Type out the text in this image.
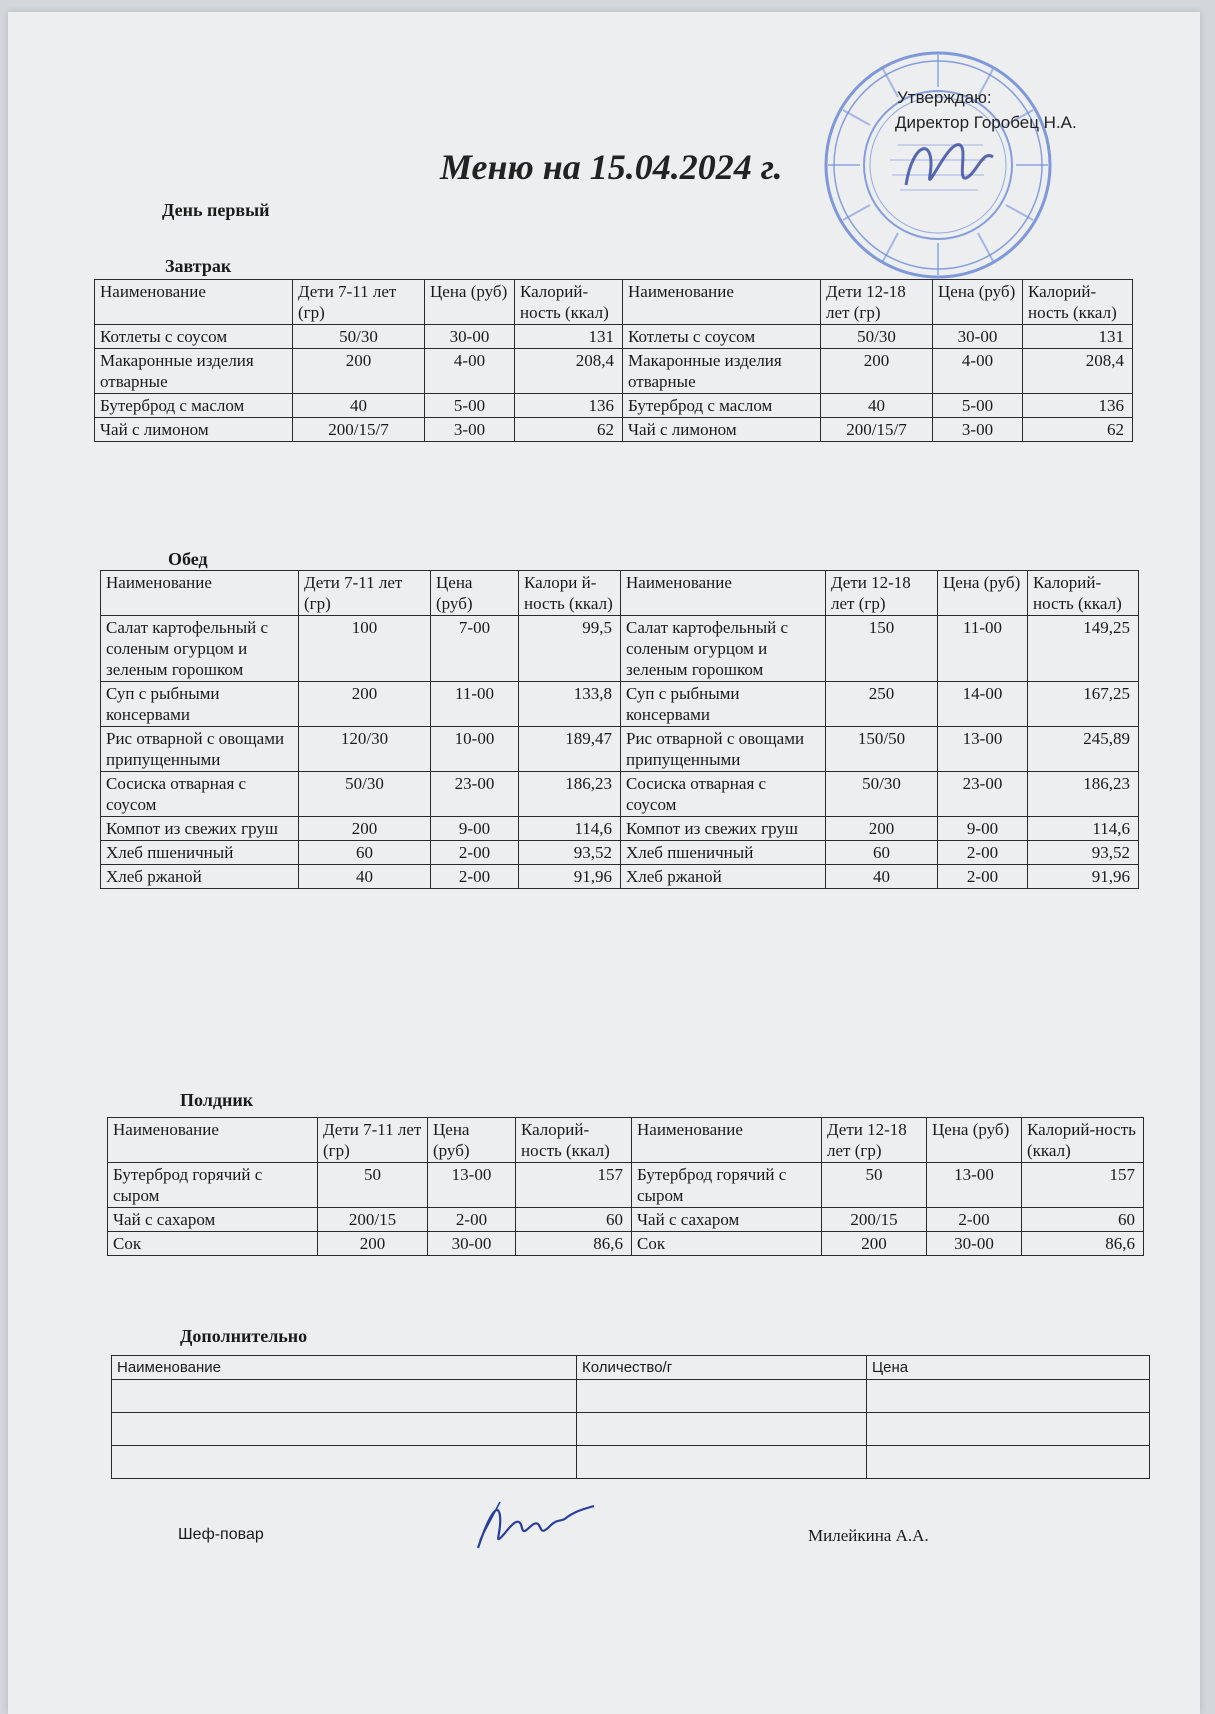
Утверждаю:
Директор Горобец Н.А.
Меню на 15.04.2024 г.
День первый
Завтрак
Наименование	Дети 7-11 лет (гр)	Цена (руб)	Калорий-ность (ккал)	Наименование	Дети 12-18 лет (гр)	Цена (руб)	Калорий-ность (ккал)
Котлеты с соусом	50/30	30-00	131	Котлеты с соусом	50/30	30-00	131
Макаронные изделия отварные	200	4-00	208,4	Макаронные изделия отварные	200	4-00	208,4
Бутерброд с маслом	40	5-00	136	Бутерброд с маслом	40	5-00	136
Чай с лимоном	200/15/7	3-00	62	Чай с лимоном	200/15/7	3-00	62
Обед
Наименование	Дети 7-11 лет (гр)	Цена (руб)	Калори й-ность (ккал)	Наименование	Дети 12-18 лет (гр)	Цена (руб)	Калорий-ность (ккал)
Салат картофельный с соленым огурцом и зеленым горошком	100	7-00	99,5	Салат картофельный с соленым огурцом и зеленым горошком	150	11-00	149,25
Суп с рыбными консервами	200	11-00	133,8	Суп с рыбными консервами	250	14-00	167,25
Рис отварной с овощами припущенными	120/30	10-00	189,47	Рис отварной с овощами припущенными	150/50	13-00	245,89
Сосиска отварная с соусом	50/30	23-00	186,23	Сосиска отварная с соусом	50/30	23-00	186,23
Компот из свежих груш	200	9-00	114,6	Компот из свежих груш	200	9-00	114,6
Хлеб пшеничный	60	2-00	93,52	Хлеб пшеничный	60	2-00	93,52
Хлеб ржаной	40	2-00	91,96	Хлеб ржаной	40	2-00	91,96
Полдник
Наименование	Дети 7-11 лет (гр)	Цена (руб)	Калорий-ность (ккал)	Наименование	Дети 12-18 лет (гр)	Цена (руб)	Калорий-ность (ккал)
Бутерброд горячий с сыром	50	13-00	157	Бутерброд горячий с сыром	50	13-00	157
Чай с сахаром	200/15	2-00	60	Чай с сахаром	200/15	2-00	60
Сок	200	30-00	86,6	Сок	200	30-00	86,6
Дополнительно
Наименование	Количество/г	Цена

Шеф-повар	Милейкина А.А.
